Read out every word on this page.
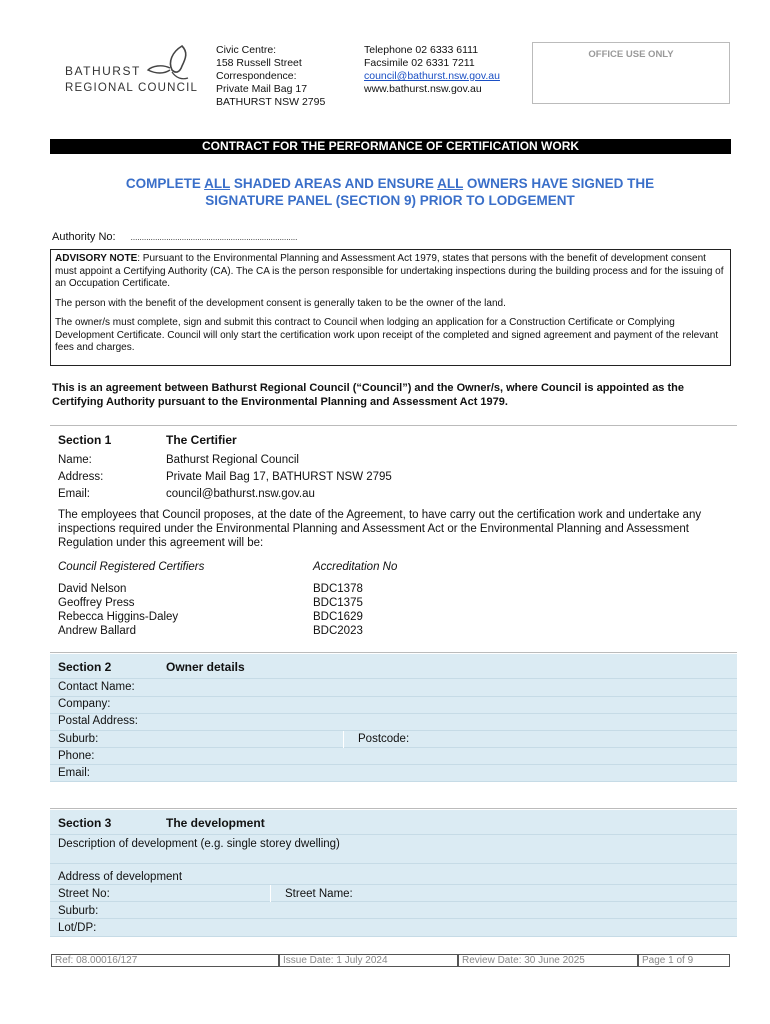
BATHURST
REGIONAL COUNCIL
Civic Centre:
158 Russell Street
Correspondence:
Private Mail Bag 17
BATHURST NSW 2795
Telephone 02 6333 6111
Facsimile 02 6331 7211
council@bathurst.nsw.gov.au
www.bathurst.nsw.gov.au
OFFICE USE ONLY
CONTRACT FOR THE PERFORMANCE OF CERTIFICATION WORK
COMPLETE ALL SHADED AREAS AND ENSURE ALL OWNERS HAVE SIGNED THE
SIGNATURE PANEL (SECTION 9) PRIOR TO LODGEMENT
Authority No: ...........................................................................

ADVISORY NOTE: Pursuant to the Environmental Planning and Assessment Act 1979, states that persons with the benefit of development consent must appoint a Certifying Authority (CA). The CA is the person responsible for undertaking inspections during the building process and for the issuing of an Occupation Certificate.

The person with the benefit of the development consent is generally taken to be the owner of the land.

The owner/s must complete, sign and submit this contract to Council when lodging an application for a Construction Certificate or Complying Development Certificate. Council will only start the certification work upon receipt of the completed and signed agreement and payment of the relevant fees and charges.

This is an agreement between Bathurst Regional Council (“Council”) and the Owner/s, where Council is appointed as the Certifying Authority pursuant to the Environmental Planning and Assessment Act 1979.
Section 1	The Certifier
Name:	Bathurst Regional Council
Address:	Private Mail Bag 17, BATHURST NSW 2795
Email:	council@bathurst.nsw.gov.au
The employees that Council proposes, at the date of the Agreement, to have carry out the certification work and undertake any inspections required under the Environmental Planning and Assessment Act or the Environmental Planning and Assessment Regulation under this agreement will be:
Council Registered Certifiers	Accreditation No
David Nelson	BDC1378
Geoffrey Press	BDC1375
Rebecca Higgins-Daley	BDC1629
Andrew Ballard	BDC2023
Section 2	Owner details
Contact Name:
Company:
Postal Address:
Suburb:	Postcode:
Phone:
Email:
Section 3	The development
Description of development (e.g. single storey dwelling)
Address of development
Street No:	Street Name:
Suburb:
Lot/DP:
Ref: 08.00016/127	Issue Date: 1 July 2024	Review Date: 30 June 2025	Page 1 of 9
